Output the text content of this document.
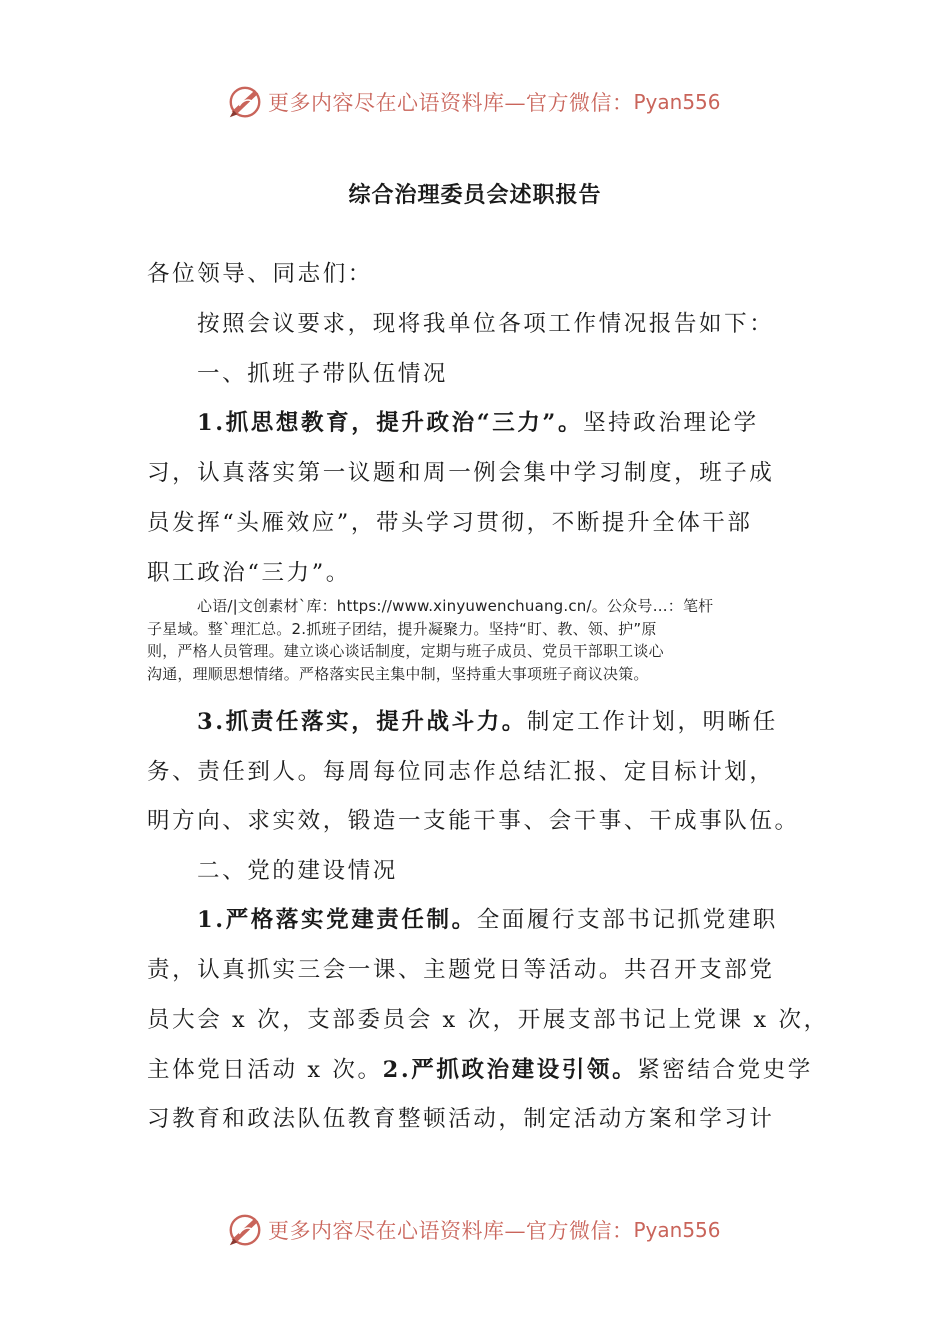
更多内容尽在心语资料库—官方微信： Pyan556
综合治理委员会述职报告
各位领导、同志们：
按照会议要求，现将我单位各项工作情况报告如下：
一、抓班子带队伍情况
1.抓思想教育，提升政治“三力”。坚持政治理论学
习，认真落实第一议题和周一例会集中学习制度，班子成
员发挥“头雁效应”，带头学习贯彻，不断提升全体干部
职工政治“三力”。
心语/|文创素材`库：https://www.xinyuwenchuang.cn/。公众号…：笔杆
子星域。整`理汇总。2.抓班子团结，提升凝聚力。坚持“盯、教、领、护”原
则，严格人员管理。建立谈心谈话制度，定期与班子成员、党员干部职工谈心
沟通，理顺思想情绪。严格落实民主集中制，坚持重大事项班子商议决策。
3.抓责任落实，提升战斗力。制定工作计划，明晰任
务、责任到人。每周每位同志作总结汇报、定目标计划，
明方向、求实效，锻造一支能干事、会干事、干成事队伍。
二、党的建设情况
1.严格落实党建责任制。全面履行支部书记抓党建职
责，认真抓实三会一课、主题党日等活动。共召开支部党
员大会 x 次，支部委员会 x 次，开展支部书记上党课 x 次，
主体党日活动 x 次。2.严抓政治建设引领。紧密结合党史学
习教育和政法队伍教育整顿活动，制定活动方案和学习计
更多内容尽在心语资料库—官方微信： Pyan556
